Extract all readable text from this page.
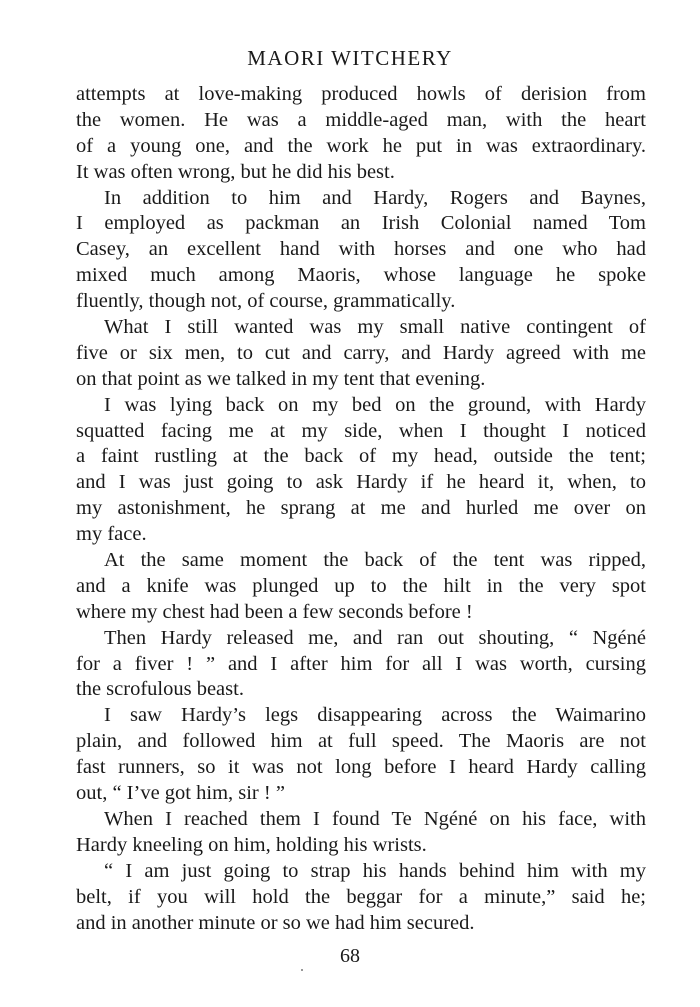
MAORI WITCHERY
attempts at love-making produced howls of derision from
the women. He was a middle-aged man, with the heart
of a young one, and the work he put in was extraordinary.
It was often wrong, but he did his best.
In addition to him and Hardy, Rogers and Baynes,
I employed as packman an Irish Colonial named Tom
Casey, an excellent hand with horses and one who had
mixed much among Maoris, whose language he spoke
fluently, though not, of course, grammatically.
What I still wanted was my small native contingent of
five or six men, to cut and carry, and Hardy agreed with me
on that point as we talked in my tent that evening.
I was lying back on my bed on the ground, with Hardy
squatted facing me at my side, when I thought I noticed
a faint rustling at the back of my head, outside the tent;
and I was just going to ask Hardy if he heard it, when, to
my astonishment, he sprang at me and hurled me over on
my face.
At the same moment the back of the tent was ripped,
and a knife was plunged up to the hilt in the very spot
where my chest had been a few seconds before !
Then Hardy released me, and ran out shouting, “ Ngéné
for a fiver ! ” and I after him for all I was worth, cursing
the scrofulous beast.
I saw Hardy’s legs disappearing across the Waimarino
plain, and followed him at full speed. The Maoris are not
fast runners, so it was not long before I heard Hardy calling
out, “ I’ve got him, sir ! ”
When I reached them I found Te Ngéné on his face, with
Hardy kneeling on him, holding his wrists.
“ I am just going to strap his hands behind him with my
belt, if you will hold the beggar for a minute,” said he;
and in another minute or so we had him secured.
68
